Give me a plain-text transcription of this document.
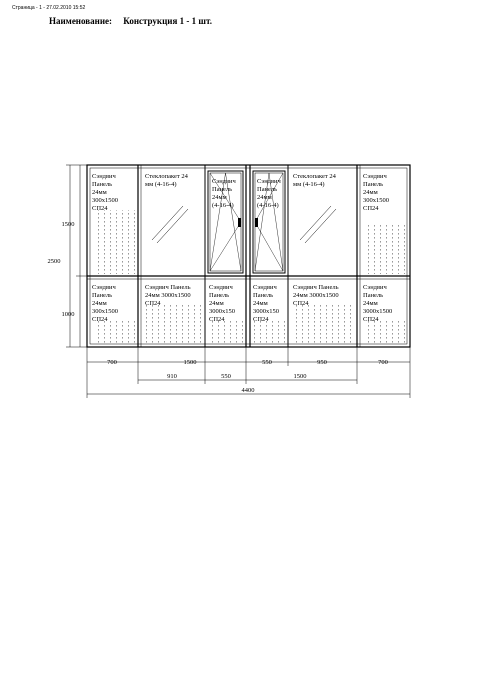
Страница - 1 - 27.02.2010 15:52
Наименование: Конструкция 1 - 1 шт.
Сэндвич Панель 24мм 300х1500 СП24
Стеклопакет 24 мм (4-16-4)	Сэндвич Панель 24мм (4-16-4)
Сэндвич Панель 24мм (4-16-4)
Стеклопакет 24 мм (4-16-4)
Сэндвич Панель 24мм 300х1500 СП24
Сэндвич Панель 24мм 300х1500 СП24
Сэндвич Панель 24мм 3000х1500 СП24
Сэндвич Панель 24мм 3000х150 СП24
Сэндвич Панель 24мм 3000х150 СП24
Сэндвич Панель 24мм 3000х1500 СП24
Сэндвич Панель 24мм 3000х1500 СП24
1500
1000
2500
700	1500	550	950	700
910	550	1500
4400
